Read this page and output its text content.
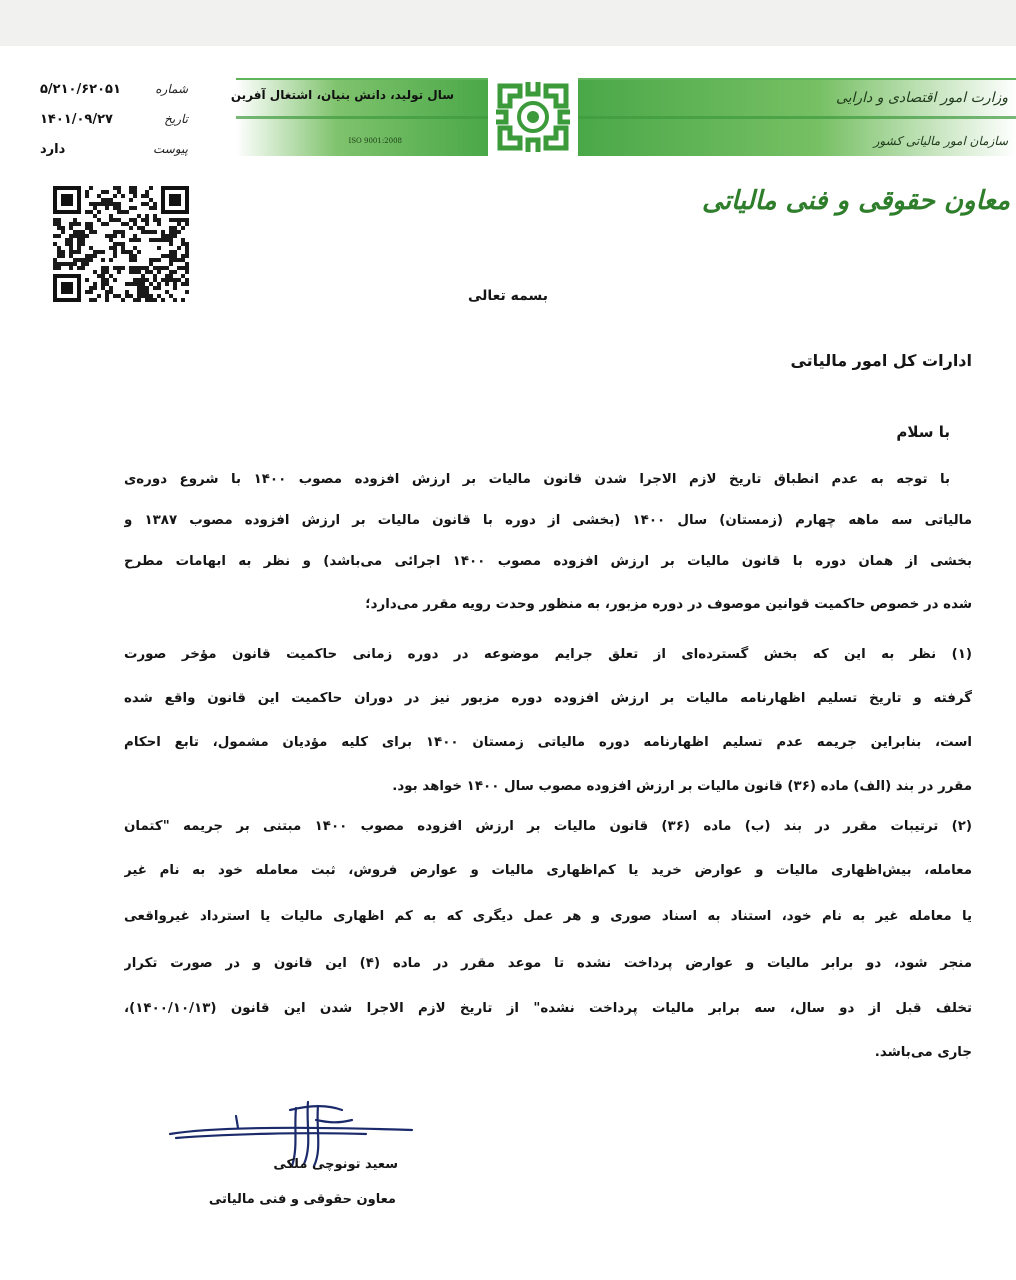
سال تولید، دانش بنیان، اشتغال آفرین
ISO 9001:2008
وزارت امور اقتصادی و دارایی
سازمان امور مالیاتی کشور
معاون حقوقی و فنی مالیاتی
شماره
۵/۲۱۰/۶۲۰۵۱
تاریخ
۱۴۰۱/۰۹/۲۷
پیوست
دارد
بسمه تعالی
ادارات کل امور مالیاتی
با سلام
با توجه به عدم انطباق تاریخ لازم الاجرا شدن قانون مالیات بر ارزش افزوده مصوب ۱۴۰۰ با شروع دوره‌ی
مالیاتی سه ماهه چهارم (زمستان) سال ۱۴۰۰ (بخشی از دوره با قانون مالیات بر ارزش افزوده مصوب ۱۳۸۷ و
بخشی از همان دوره با قانون مالیات بر ارزش افزوده مصوب ۱۴۰۰ اجرائی می‌باشد) و نظر به ابهامات مطرح
شده در خصوص حاکمیت قوانین موصوف در دوره مزبور، به منظور وحدت رویه مقرر می‌دارد؛
(۱) نظر به این که بخش گسترده‌ای از تعلق جرایم موضوعه در دوره زمانی حاکمیت قانون مؤخر صورت
گرفته و تاریخ تسلیم اظهارنامه مالیات بر ارزش افزوده دوره مزبور نیز در دوران حاکمیت این قانون واقع شده
است، بنابراین جریمه عدم تسلیم اظهارنامه دوره مالیاتی زمستان ۱۴۰۰ برای کلیه مؤدیان مشمول، تابع احکام
مقرر در بند (الف) ماده (۳۶) قانون مالیات بر ارزش افزوده مصوب سال ۱۴۰۰ خواهد بود.
(۲) ترتیبات مقرر در بند (ب) ماده (۳۶) قانون مالیات بر ارزش افزوده مصوب ۱۴۰۰ مبتنی بر جریمه "کتمان
معامله، بیش‌اظهاری مالیات و عوارض خرید یا کم‌اظهاری مالیات و عوارض فروش، ثبت معامله خود به نام غیر
یا معامله غیر به نام خود، استناد به اسناد صوری و هر عمل دیگری که به کم اظهاری مالیات یا استرداد غیرواقعی
منجر شود، دو برابر مالیات و عوارض پرداخت نشده تا موعد مقرر در ماده (۴) این قانون و در صورت تکرار
تخلف قبل از دو سال، سه برابر مالیات پرداخت نشده" از تاریخ لازم الاجرا شدن این قانون (۱۴۰۰/۱۰/۱۳)،
جاری می‌باشد.
سعید تونوچی ملکی
معاون حقوقی و فنی مالیاتی
